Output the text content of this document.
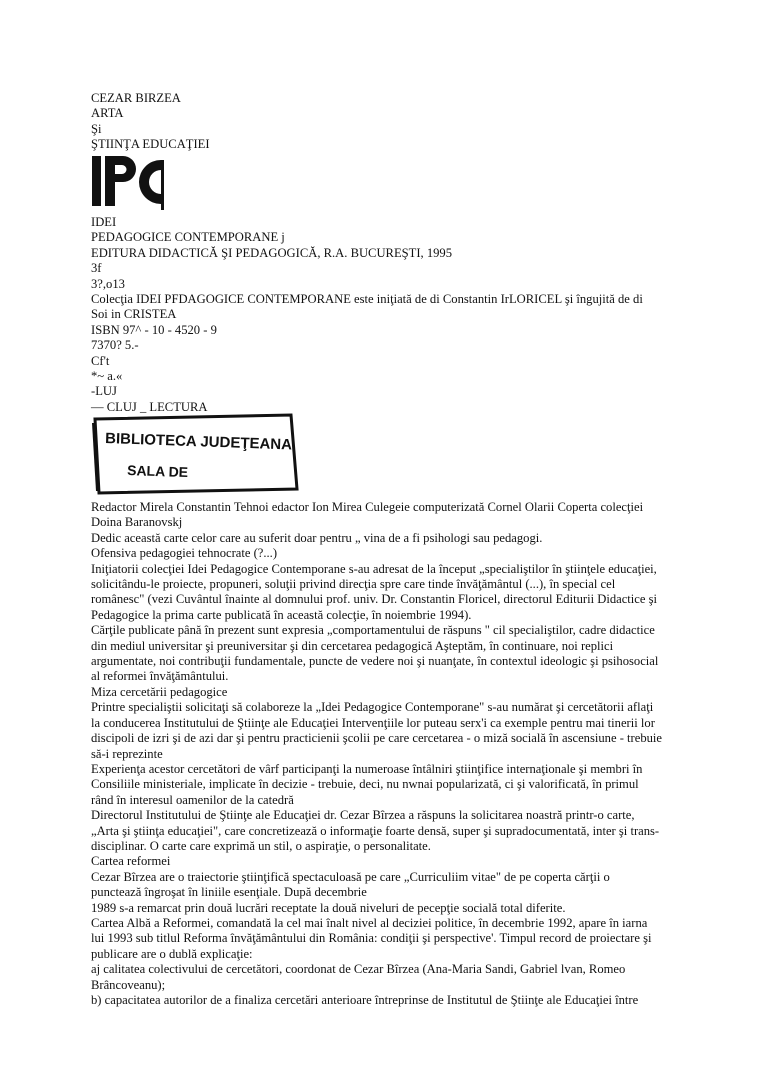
CEZAR BIRZEA
ARTA
Şi
ŞTIINŢA EDUCAŢIEI
IPC
IDEI
PEDAGOGICE CONTEMPORANE j
EDITURA DIDACTICĂ ŞI PEDAGOGICĂ, R.A. BUCUREŞTI, 1995
3f
3?,o13
Colecţia IDEI PFDAGOGICE CONTEMPORANE este iniţiată de di Constantin IrLORICEL şi îngujită de di
Soi in CRISTEA
ISBN 97^ - 10 - 4520 - 9
7370? 5.-
Cf't
*~ a.«
-LUJ
— CLUJ _ LECTURA
BIBLIOTECA JUDEŢEANA
SALA DE
Redactor Mirela Constantin Tehnoi edactor Ion Mirea Culegeie computerizată Cornel Olarii Coperta colecţiei
Doina Baranovskj
Dedic această carte celor care au suferit doar pentru „ vina de a fi psihologi sau pedagogi.
Ofensiva pedagogiei tehnocrate (?...)
Iniţiatorii colecţiei Idei Pedagogice Contemporane s-au adresat de la început „specialiştilor în ştiinţele educaţiei,
solicitându-le proiecte, propuneri, soluţii privind direcţia spre care tinde învăţământul (...), în special cel
românesc" (vezi Cuvântul înainte al domnului prof. univ. Dr. Constantin Floricel, directorul Editurii Didactice şi
Pedagogice la prima carte publicată în această colecţie, în noiembrie 1994).
Cărţile publicate până în prezent sunt expresia „comportamentului de răspuns " cil specialiştilor, cadre didactice
din mediul universitar şi preuniversitar şi din cercetarea pedagogică Aşteptăm, în continuare, noi replici
argumentate, noi contribuţii fundamentale, puncte de vedere noi şi nuanţate, în contextul ideologic şi psihosocial
al reformei învăţământului.
Miza cercetării pedagogice
Printre specialiştii solicitaţi să colaboreze la „Idei Pedagogice Contemporane" s-au numărat şi cercetătorii aflaţi
la conducerea Institutului de Ştiinţe ale Educaţiei Intervenţiile lor puteau serx'i ca exemple pentru mai tinerii lor
discipoli de izri şi de azi dar şi pentru practicienii şcolii pe care cercetarea - o miză socială în ascensiune - trebuie
să-i reprezinte
Experienţa acestor cercetători de vârf participanţi la numeroase întâlniri ştiinţifice internaţionale şi membri în
Consiliile ministeriale, implicate în decizie - trebuie, deci, nu nwnai popularizată, ci şi valorificată, în primul
rând în interesul oamenilor de la catedră
Directorul Institutului de Ştiinţe ale Educaţiei dr. Cezar Bîrzea a răspuns la solicitarea noastră printr-o carte,
„Arta şi ştiinţa educaţiei", care concretizează o informaţie foarte densă, super şi supradocumentată, inter şi trans-
disciplinar. O carte care exprimă un stil, o aspiraţie, o personalitate.
Cartea reformei
Cezar Bîrzea are o traiectorie ştiinţifică spectaculoasă pe care „Curriculiim vitae" de pe coperta cărţii o
punctează îngroşat în liniile esenţiale. După decembrie
1989 s-a remarcat prin două lucrări receptate la două niveluri de pecepţie socială total diferite.
Cartea Albă a Reformei, comandată la cel mai înalt nivel al deciziei politice, în decembrie 1992, apare în iarna
lui 1993 sub titlul Reforma învăţământului din România: condiţii şi perspective'. Timpul record de proiectare şi
publicare are o dublă explicaţie:
aj calitatea colectivului de cercetători, coordonat de Cezar Bîrzea (Ana-Maria Sandi, Gabriel lvan, Romeo
Brâncoveanu);
b) capacitatea autorilor de a finaliza cercetări anterioare întreprinse de Institutul de Ştiinţe ale Educaţiei între
